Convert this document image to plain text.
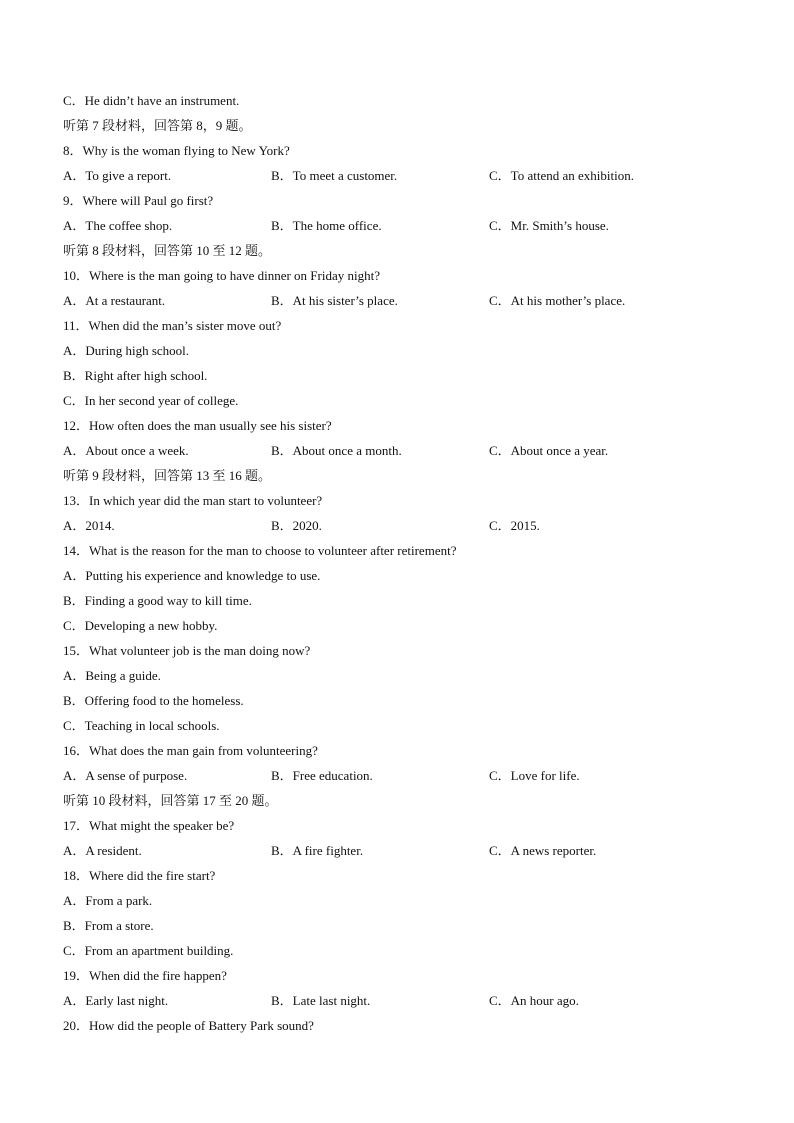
C．He didn’t have an instrument.
听第 7 段材料，回答第 8，9 题。
8．Why is the woman flying to New York?
A．To give a report.	B．To meet a customer.	C．To attend an exhibition.
9．Where will Paul go first?
A．The coffee shop.	B．The home office.	C．Mr. Smith’s house.
听第 8 段材料，回答第 10 至 12 题。
10．Where is the man going to have dinner on Friday night?
A．At a restaurant.	B．At his sister’s place.	C．At his mother’s place.
11．When did the man’s sister move out?
A．During high school.
B．Right after high school.
C．In her second year of college.
12．How often does the man usually see his sister?
A．About once a week.	B．About once a month.	C．About once a year.
听第 9 段材料，回答第 13 至 16 题。
13．In which year did the man start to volunteer?
A．2014.	B．2020.	C．2015.
14．What is the reason for the man to choose to volunteer after retirement?
A．Putting his experience and knowledge to use.
B．Finding a good way to kill time.
C．Developing a new hobby.
15．What volunteer job is the man doing now?
A．Being a guide.
B．Offering food to the homeless.
C．Teaching in local schools.
16．What does the man gain from volunteering?
A．A sense of purpose.	B．Free education.	C．Love for life.
听第 10 段材料，回答第 17 至 20 题。
17．What might the speaker be?
A．A resident.	B．A fire fighter.	C．A news reporter.
18．Where did the fire start?
A．From a park.
B．From a store.
C．From an apartment building.
19．When did the fire happen?
A．Early last night.	B．Late last night.	C．An hour ago.
20．How did the people of Battery Park sound?
